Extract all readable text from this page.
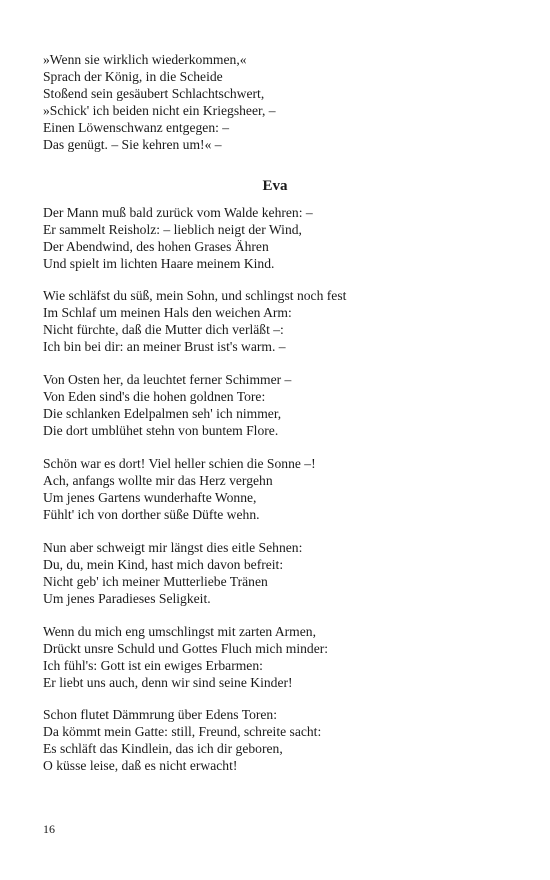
»Wenn sie wirklich wiederkommen,«
Sprach der König, in die Scheide
Stoßend sein gesäubert Schlachtschwert,
»Schick' ich beiden nicht ein Kriegsheer, –
Einen Löwenschwanz entgegen: –
Das genügt. – Sie kehren um!« –
Eva
Der Mann muß bald zurück vom Walde kehren: –
Er sammelt Reisholz: – lieblich neigt der Wind,
Der Abendwind, des hohen Grases Ähren
Und spielt im lichten Haare meinem Kind.
Wie schläfst du süß, mein Sohn, und schlingst noch fest
Im Schlaf um meinen Hals den weichen Arm:
Nicht fürchte, daß die Mutter dich verläßt –:
Ich bin bei dir: an meiner Brust ist's warm. –
Von Osten her, da leuchtet ferner Schimmer –
Von Eden sind's die hohen goldnen Tore:
Die schlanken Edelpalmen seh' ich nimmer,
Die dort umblühet stehn von buntem Flore.
Schön war es dort! Viel heller schien die Sonne –!
Ach, anfangs wollte mir das Herz vergehn
Um jenes Gartens wunderhafte Wonne,
Fühlt' ich von dorther süße Düfte wehn.
Nun aber schweigt mir längst dies eitle Sehnen:
Du, du, mein Kind, hast mich davon befreit:
Nicht geb' ich meiner Mutterliebe Tränen
Um jenes Paradieses Seligkeit.
Wenn du mich eng umschlingst mit zarten Armen,
Drückt unsre Schuld und Gottes Fluch mich minder:
Ich fühl's: Gott ist ein ewiges Erbarmen:
Er liebt uns auch, denn wir sind seine Kinder!
Schon flutet Dämmrung über Edens Toren:
Da kömmt mein Gatte: still, Freund, schreite sacht:
Es schläft das Kindlein, das ich dir geboren,
O küsse leise, daß es nicht erwacht!
16
